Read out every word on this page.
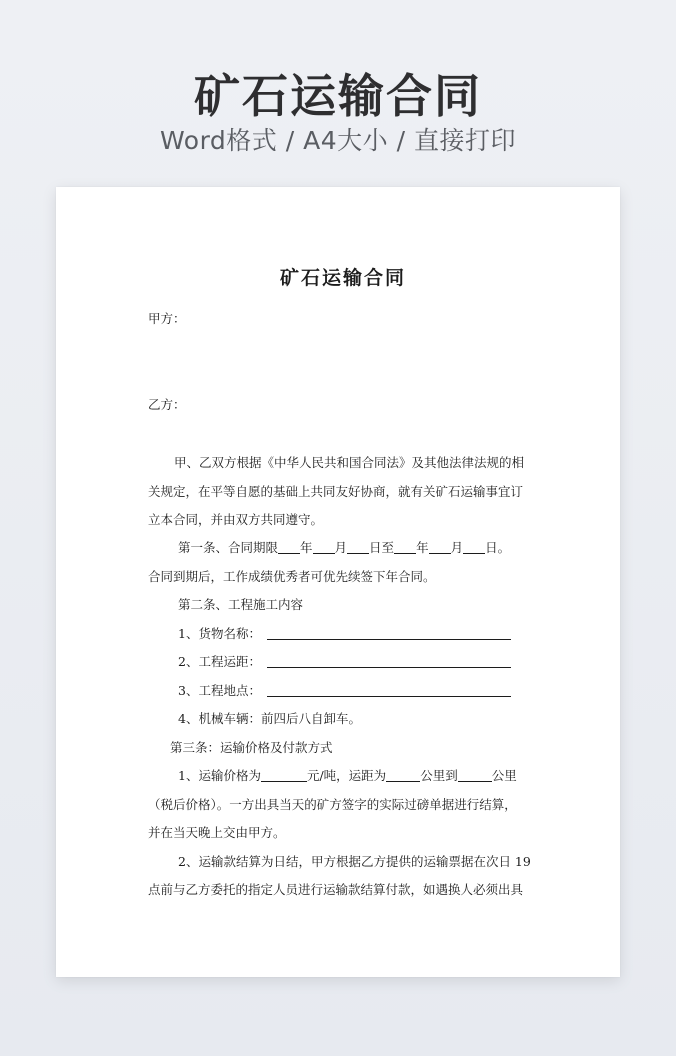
矿石运输合同
Word格式 / A4大小 / 直接打印
矿石运输合同
甲方：
乙方：
甲、乙双方根据《中华人民共和国合同法》及其他法律法规的相
关规定，在平等自愿的基础上共同友好协商，就有关矿石运输事宜订
立本合同，并由双方共同遵守。
第一条、合同期限 年 月 日至 年 月 日。
合同到期后，工作成绩优秀者可优先续签下年合同。
第二条、工程施工内容
1、货物名称：
2、工程运距：
3、工程地点：
4、机械车辆：前四后八自卸车。
第三条：运输价格及付款方式
1、运输价格为	元/吨，运距为	公里到	公里
（税后价格）。一方出具当天的矿方签字的实际过磅单据进行结算，
并在当天晚上交由甲方。
2、运输款结算为日结，甲方根据乙方提供的运输票据在次日 19
点前与乙方委托的指定人员进行运输款结算付款，如遇换人必须出具
